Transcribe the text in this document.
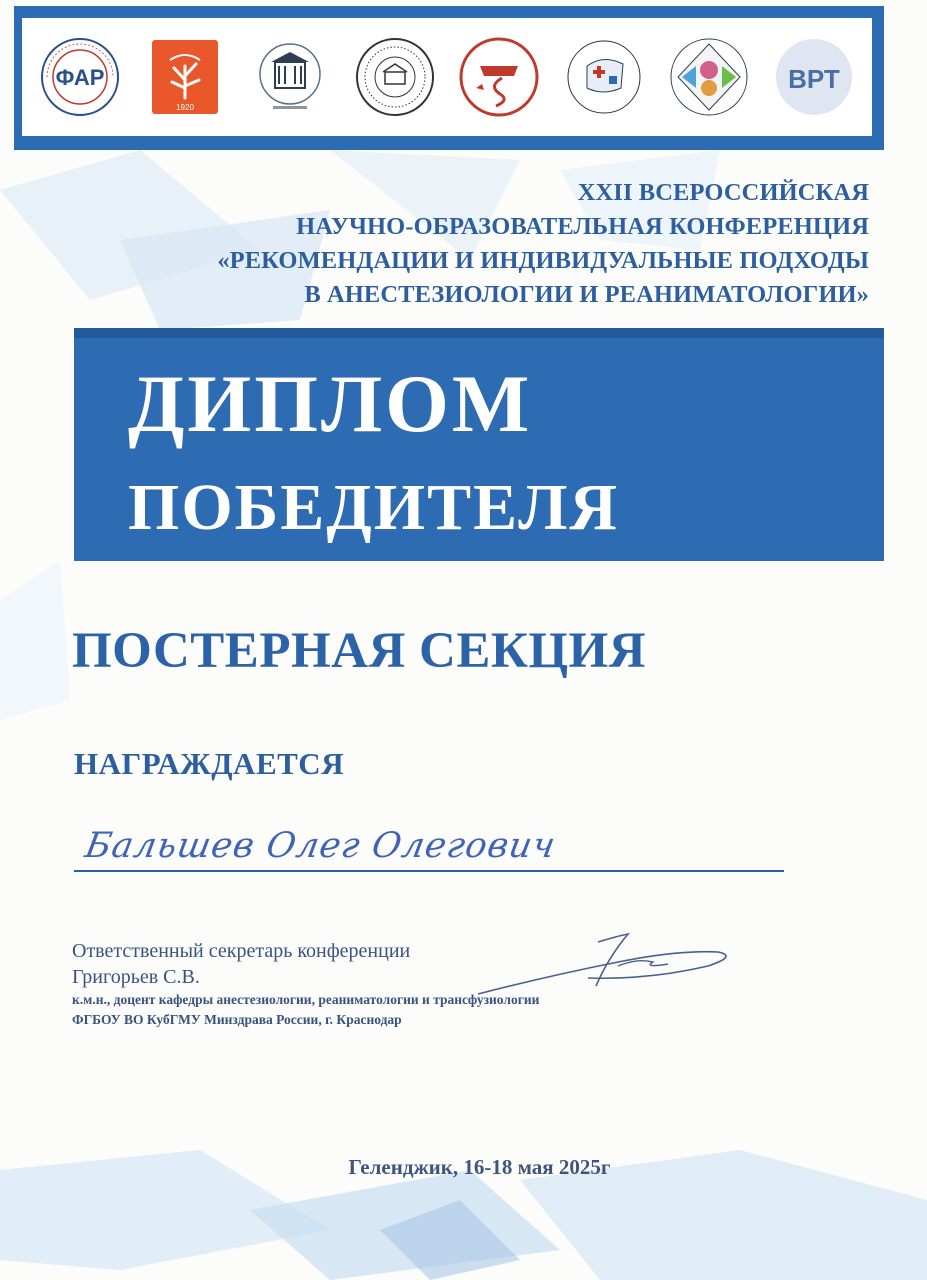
ФАР
1920
ВРТ
XXII ВСЕРОССИЙСКАЯ
НАУЧНО-ОБРАЗОВАТЕЛЬНАЯ КОНФЕРЕНЦИЯ
«РЕКОМЕНДАЦИИ И ИНДИВИДУАЛЬНЫЕ ПОДХОДЫ
В АНЕСТЕЗИОЛОГИИ И РЕАНИМАТОЛОГИИ»
ДИПЛОМ
ПОБЕДИТЕЛЯ
ПОСТЕРНАЯ СЕКЦИЯ
НАГРАЖДАЕТСЯ
Бальшев Олег Олегович
Ответственный секретарь конференции
Григорьев С.В.
к.м.н., доцент кафедры анестезиологии, реаниматологии и трансфузиологии
ФГБОУ ВО КубГМУ Минздрава России, г. Краснодар
Геленджик, 16-18 мая 2025г
